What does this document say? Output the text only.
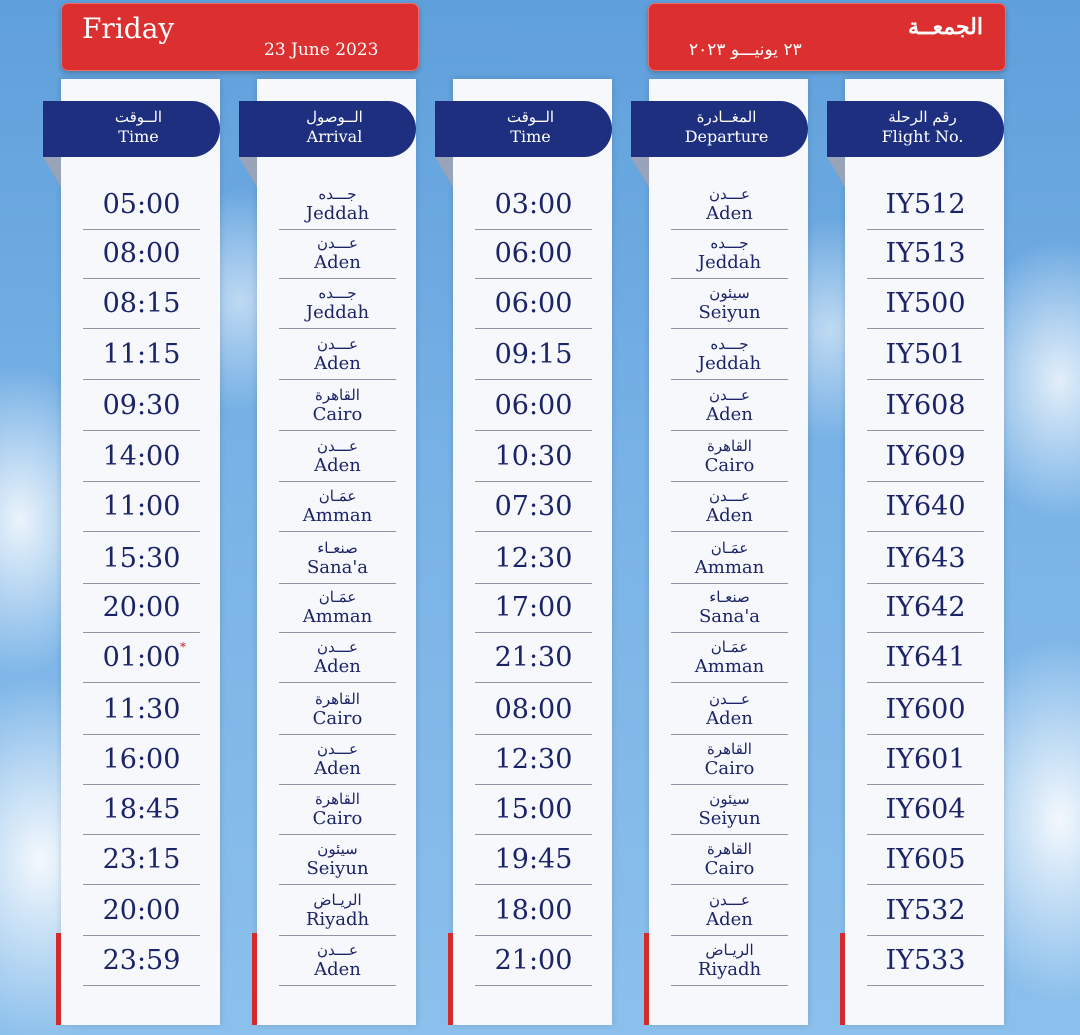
Friday
23 June 2023
الجمعــة
٢٣ يونيـــو ٢٠٢٣
الــوقت
Time
05:00
08:00
08:15
11:15
09:30
14:00
11:00
15:30
20:00
01:00 *
11:30
16:00
18:45
23:15
20:00
23:59
الــوصول
Arrival
جـــده
Jeddah
عـــدن
Aden
جـــده
Jeddah
عـــدن
Aden
القاهرة
Cairo
عـــدن
Aden
عمَـان
Amman
صنعـاء
Sana'a
عمَـان
Amman
عـــدن
Aden
القاهرة
Cairo
عـــدن
Aden
القاهرة
Cairo
سيئون
Seiyun
الريـاض
Riyadh
عـــدن
Aden
الــوقت
Time
03:00
06:00
06:00
09:15
06:00
10:30
07:30
12:30
17:00
21:30
08:00
12:30
15:00
19:45
18:00
21:00
المغــادرة
Departure
عـــدن
Aden
جـــده
Jeddah
سيئون
Seiyun
جـــده
Jeddah
عـــدن
Aden
القاهرة
Cairo
عـــدن
Aden
عمَـان
Amman
صنعـاء
Sana'a
عمَـان
Amman
عـــدن
Aden
القاهرة
Cairo
سيئون
Seiyun
القاهرة
Cairo
عـــدن
Aden
الريـاض
Riyadh
رقم الرحلة
Flight No.
IY512
IY513
IY500
IY501
IY608
IY609
IY640
IY643
IY642
IY641
IY600
IY601
IY604
IY605
IY532
IY533
